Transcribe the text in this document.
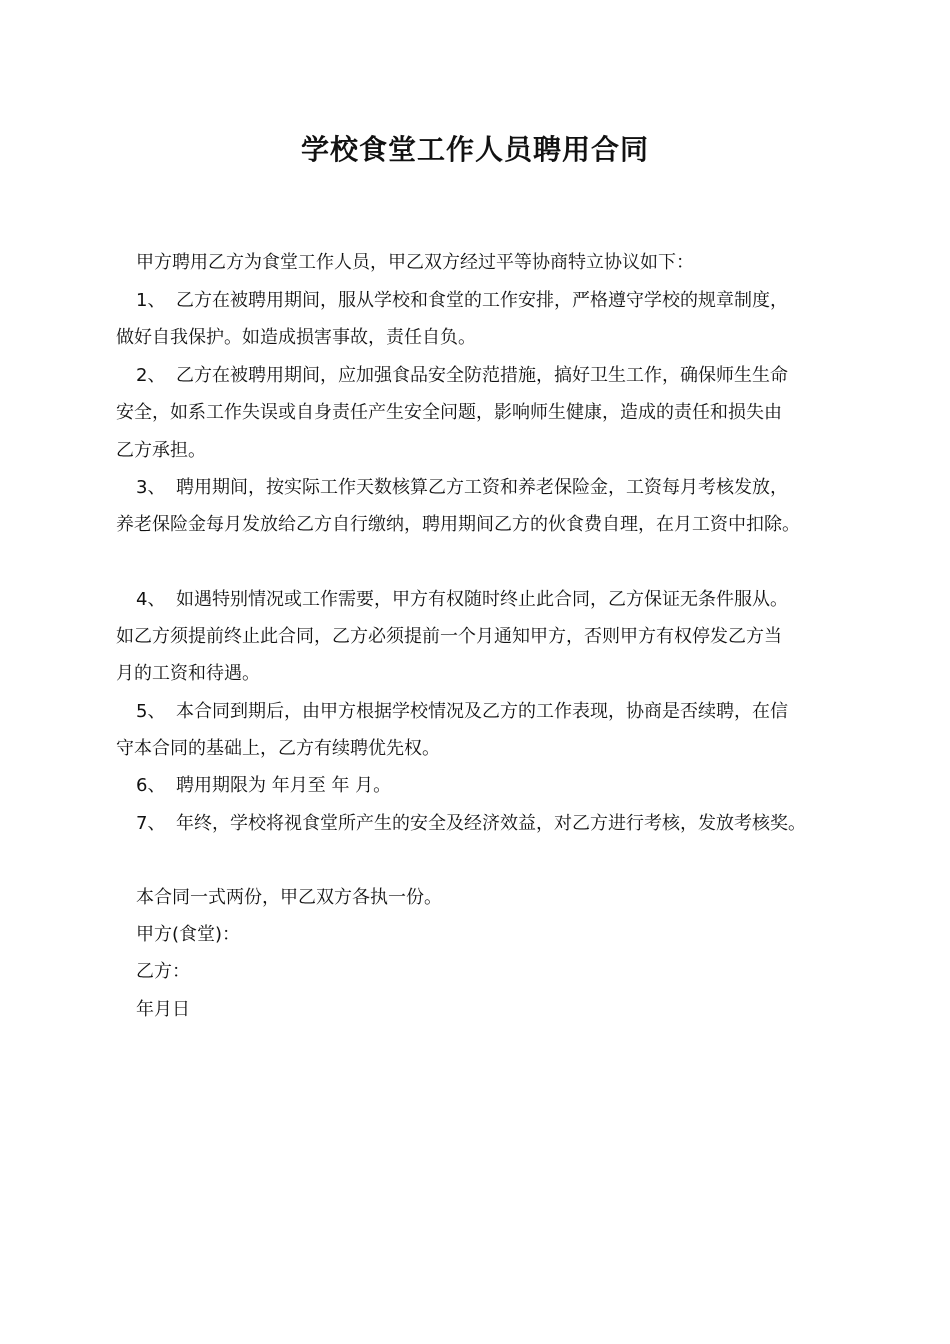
学校食堂工作人员聘用合同
甲方聘用乙方为食堂工作人员，甲乙双方经过平等协商特立协议如下：
1、 乙方在被聘用期间，服从学校和食堂的工作安排，严格遵守学校的规章制度，
做好自我保护。如造成损害事故，责任自负。
2、 乙方在被聘用期间，应加强食品安全防范措施，搞好卫生工作，确保师生生命
安全，如系工作失误或自身责任产生安全问题，影响师生健康，造成的责任和损失由
乙方承担。
3、 聘用期间，按实际工作天数核算乙方工资和养老保险金，工资每月考核发放，
养老保险金每月发放给乙方自行缴纳，聘用期间乙方的伙食费自理，在月工资中扣除。
4、 如遇特别情况或工作需要，甲方有权随时终止此合同，乙方保证无条件服从。
如乙方须提前终止此合同，乙方必须提前一个月通知甲方，否则甲方有权停发乙方当
月的工资和待遇。
5、 本合同到期后，由甲方根据学校情况及乙方的工作表现，协商是否续聘，在信
守本合同的基础上，乙方有续聘优先权。
6、 聘用期限为 年月至 年 月。
7、 年终，学校将视食堂所产生的安全及经济效益，对乙方进行考核，发放考核奖。
本合同一式两份，甲乙双方各执一份。
甲方(食堂)：
乙方：
年月日
